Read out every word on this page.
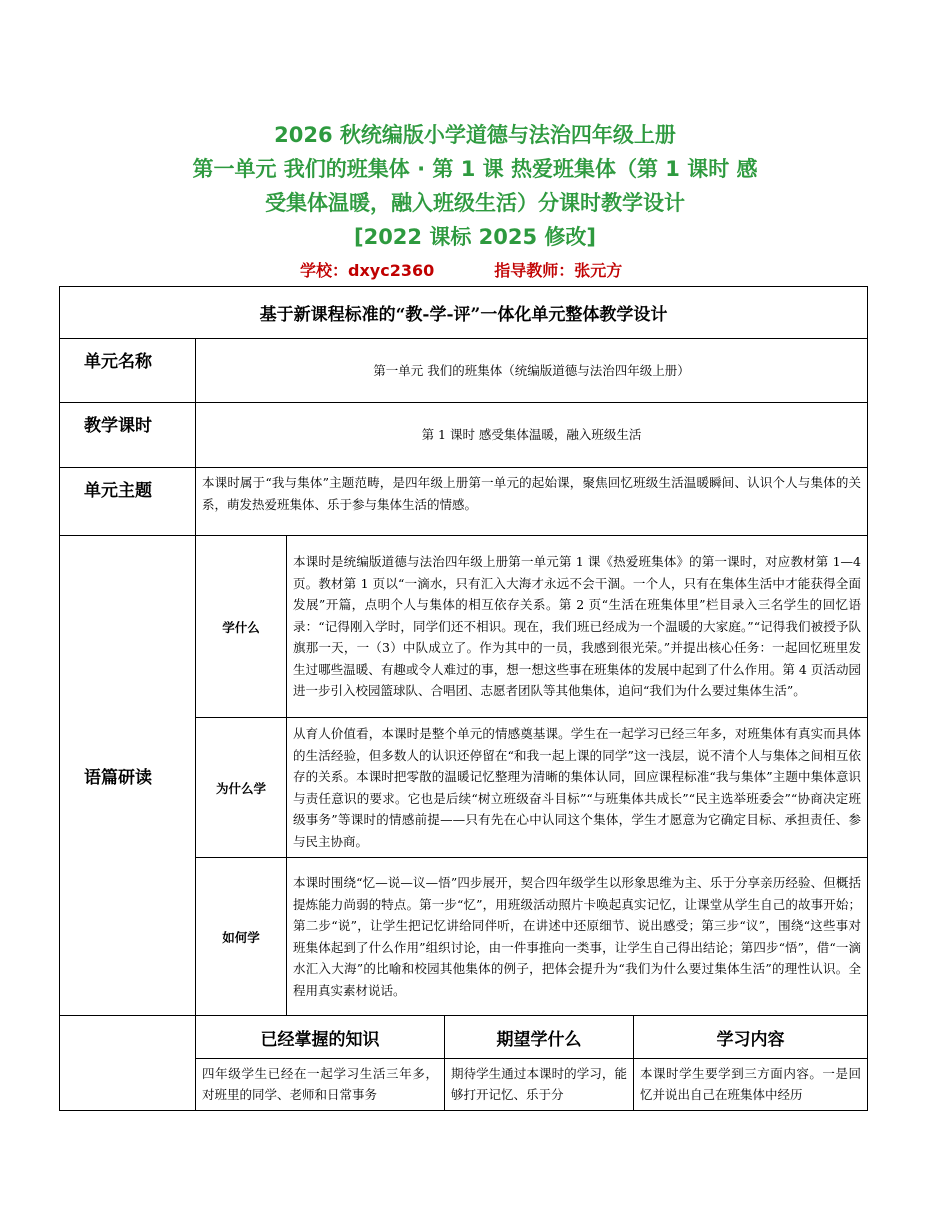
2026 秋统编版小学道德与法治四年级上册
第一单元 我们的班集体 · 第 1 课 热爱班集体（第 1 课时 感
受集体温暖，融入班级生活）分课时教学设计
[2022 课标 2025 修改]
学校：dxyc2360	指导教师：张元方
基于新课程标准的“教-学-评”一体化单元整体教学设计				
单元名称	第一单元 我们的班集体（统编版道德与法治四年级上册）			
教学课时	第 1 课时 感受集体温暖，融入班级生活			
单元主题	本课时属于“我与集体”主题范畴，是四年级上册第一单元的起始课，聚焦回忆班级生活温暖瞬间、认识个人与集体的关系，萌发热爱班集体、乐于参与集体生活的情感。			
语篇研读	学什么	本课时是统编版道德与法治四年级上册第一单元第 1 课《热爱班集体》的第一课时，对应教材第 1—4 页。教材第 1 页以“一滴水，只有汇入大海才永远不会干涸。一个人，只有在集体生活中才能获得全面发展”开篇，点明个人与集体的相互依存关系。第 2 页“生活在班集体里”栏目录入三名学生的回忆语录：“记得刚入学时，同学们还不相识。现在，我们班已经成为一个温暖的大家庭。”“记得我们被授予队旗那一天，一（3）中队成立了。作为其中的一员，我感到很光荣。”并提出核心任务：一起回忆班里发生过哪些温暖、有趣或令人难过的事，想一想这些事在班集体的发展中起到了什么作用。第 4 页活动园进一步引入校园篮球队、合唱团、志愿者团队等其他集体，追问“我们为什么要过集体生活”。		
	为什么学	从育人价值看，本课时是整个单元的情感奠基课。学生在一起学习已经三年多，对班集体有真实而具体的生活经验，但多数人的认识还停留在“和我一起上课的同学”这一浅层，说不清个人与集体之间相互依存的关系。本课时把零散的温暖记忆整理为清晰的集体认同，回应课程标准“我与集体”主题中集体意识与责任意识的要求。它也是后续“树立班级奋斗目标”“与班集体共成长”“民主选举班委会”“协商决定班级事务”等课时的情感前提——只有先在心中认同这个集体，学生才愿意为它确定目标、承担责任、参与民主协商。		
	如何学	本课时围绕“忆—说—议—悟”四步展开，契合四年级学生以形象思维为主、乐于分享亲历经验、但概括提炼能力尚弱的特点。第一步“忆”，用班级活动照片卡唤起真实记忆，让课堂从学生自己的故事开始；第二步“说”，让学生把记忆讲给同伴听，在讲述中还原细节、说出感受；第三步“议”，围绕“这些事对班集体起到了什么作用”组织讨论，由一件事推向一类事，让学生自己得出结论；第四步“悟”，借“一滴水汇入大海”的比喻和校园其他集体的例子，把体会提升为“我们为什么要过集体生活”的理性认识。全程用真实素材说话。		
	已经掌握的知识		期望学什么	学习内容
	四年级学生已经在一起学习生活三年多，对班里的同学、老师和日常事务		期待学生通过本课时的学习，能够打开记忆、乐于分	本课时学生要学到三方面内容。一是回忆并说出自己在班集体中经历
